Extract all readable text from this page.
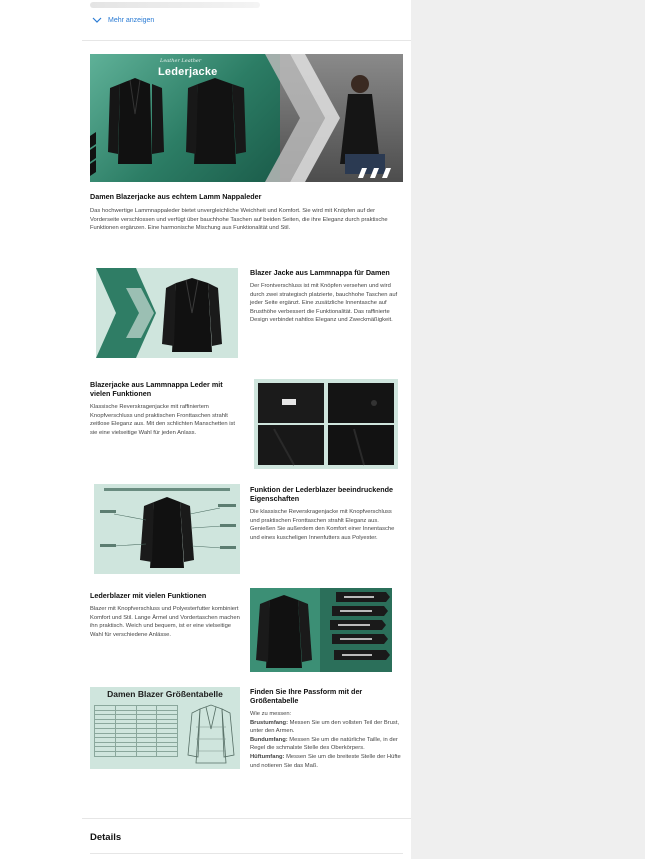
Mehr anzeigen
Leather Leather
Lederjacke
Damen Blazerjacke aus echtem Lamm Nappaleder
Das hochwertige Lammnappaleder bietet unvergleichliche Weichheit und Komfort. Sie wird mit Knöpfen auf der Vorderseite verschlossen und verfügt über bauchhohe Taschen auf beiden Seiten, die ihre Eleganz durch praktische Funktionen ergänzen. Eine harmonische Mischung aus Funktionalität und Stil.
Blazer Jacke aus Lammnappa für Damen
Der Frontverschluss ist mit Knöpfen versehen und wird durch zwei strategisch platzierte, bauchhohe Taschen auf jeder Seite ergänzt. Eine zusätzliche Innentasche auf Brusthöhe verbessert die Funktionalität. Das raffinierte Design verbindet nahtlos Eleganz und Zweckmäßigkeit.
Blazerjacke aus Lammnappa Leder mit vielen Funktionen
Klassische Reverskragenjacke mit raffiniertem Knopfverschluss und praktischen Fronttaschen strahlt zeitlose Eleganz aus. Mit den schlichten Manschetten ist sie eine vielseitige Wahl für jeden Anlass.
Funktion der Lederblazer beeindruckende Eigenschaften
Die klassische Reverskragenjacke mit Knopfverschluss und praktischen Fronttaschen strahlt Eleganz aus. Genießen Sie außerdem den Komfort einer Innentasche und eines kuscheligen Innenfutters aus Polyester.
Lederblazer mit vielen Funktionen
Blazer mit Knopfverschluss und Polyesterfutter kombiniert Komfort und Stil. Lange Ärmel und Vordertaschen machen ihn praktisch. Weich und bequem, ist er eine vielseitige Wahl für verschiedene Anlässe.
Damen Blazer Größentabelle

				Finden Sie Ihre Passform mit der Größentabelle
Wie zu messen:
Brustumfang: Messen Sie um den vollsten Teil der Brust, unter den Armen.
Bundumfang: Messen Sie um die natürliche Taille, in der Regel die schmalste Stelle des Oberkörpers.
Hüftumfang: Messen Sie um die breiteste Stelle der Hüfte und notieren Sie das Maß.
Details
